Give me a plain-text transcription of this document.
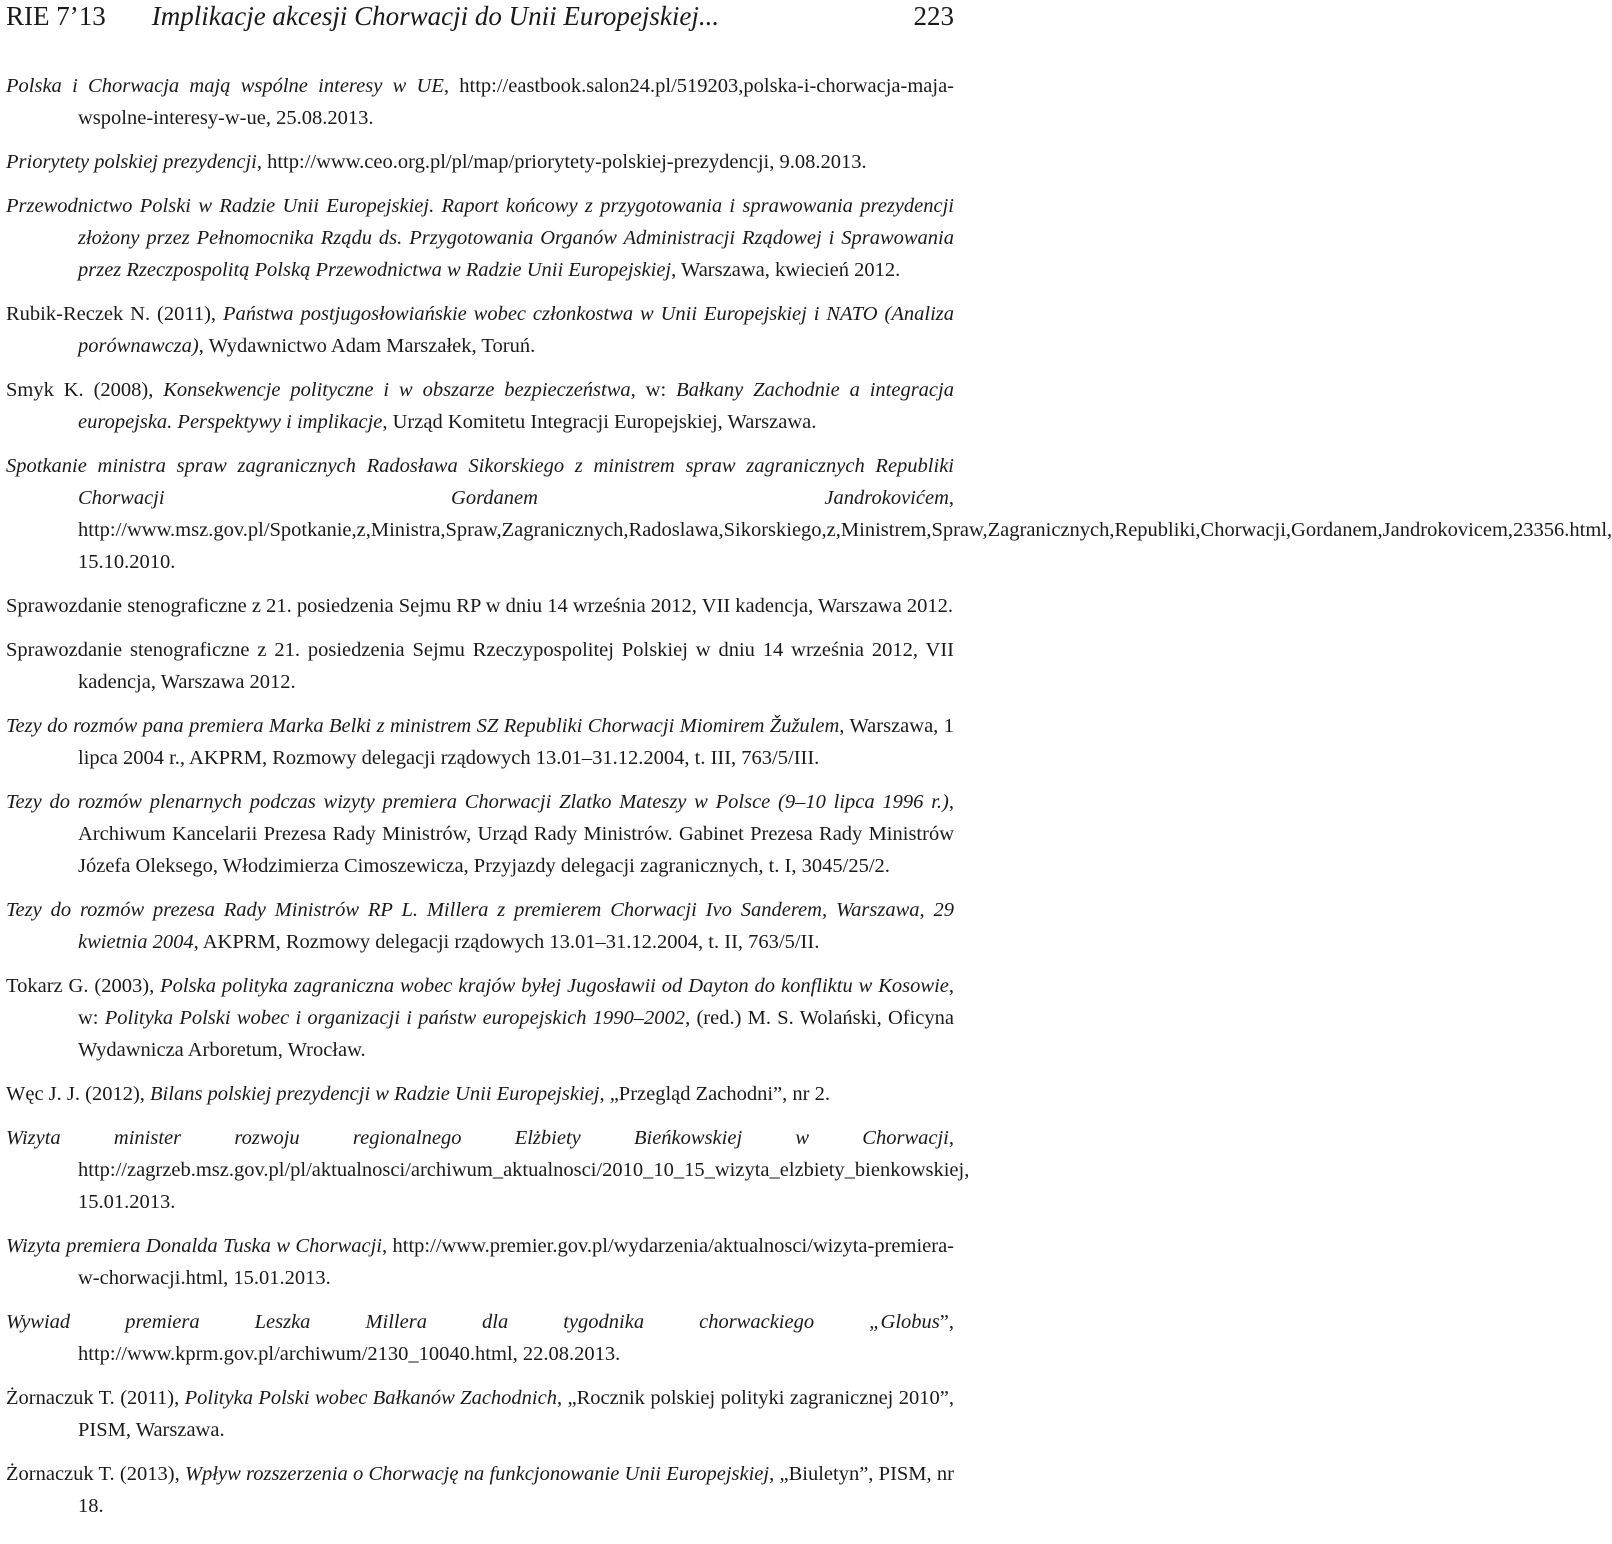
RIE 7’13	Implikacje akcesji Chorwacji do Unii Europejskiej...	223
Polska i Chorwacja mają wspólne interesy w UE, http://eastbook.salon24.pl/519203,polska-i-chorwacja-maja-wspolne-interesy-w-ue, 25.08.2013.
Priorytety polskiej prezydencji, http://www.ceo.org.pl/pl/map/priorytety-polskiej-prezydencji, 9.08.2013.
Przewodnictwo Polski w Radzie Unii Europejskiej. Raport końcowy z przygotowania i sprawowania prezydencji złożony przez Pełnomocnika Rządu ds. Przygotowania Organów Administracji Rządowej i Sprawowania przez Rzeczpospolitą Polską Przewodnictwa w Radzie Unii Europejskiej, Warszawa, kwiecień 2012.
Rubik-Reczek N. (2011), Państwa postjugosłowiańskie wobec członkostwa w Unii Europejskiej i NATO (Analiza porównawcza), Wydawnictwo Adam Marszałek, Toruń.
Smyk K. (2008), Konsekwencje polityczne i w obszarze bezpieczeństwa, w: Bałkany Zachodnie a integracja europejska. Perspektywy i implikacje, Urząd Komitetu Integracji Europejskiej, Warszawa.
Spotkanie ministra spraw zagranicznych Radosława Sikorskiego z ministrem spraw zagranicznych Republiki Chorwacji Gordanem Jandrokovićem, http://www.msz.gov.pl/Spotkanie,z,Ministra,Spraw,Zagranicznych,Radoslawa,Sikorskiego,z,Ministrem,Spraw,Zagranicznych,Republiki,Chorwacji,Gordanem,Jandrokovicem,23356.html, 15.10.2010.
Sprawozdanie stenograficzne z 21. posiedzenia Sejmu RP w dniu 14 września 2012, VII kadencja, Warszawa 2012.
Sprawozdanie stenograficzne z 21. posiedzenia Sejmu Rzeczypospolitej Polskiej w dniu 14 września 2012, VII kadencja, Warszawa 2012.
Tezy do rozmów pana premiera Marka Belki z ministrem SZ Republiki Chorwacji Miomirem Žužulem, Warszawa, 1 lipca 2004 r., AKPRM, Rozmowy delegacji rządowych 13.01–31.12.2004, t. III, 763/5/III.
Tezy do rozmów plenarnych podczas wizyty premiera Chorwacji Zlatko Mateszy w Polsce (9–10 lipca 1996 r.), Archiwum Kancelarii Prezesa Rady Ministrów, Urząd Rady Ministrów. Gabinet Prezesa Rady Ministrów Józefa Oleksego, Włodzimierza Cimoszewicza, Przyjazdy delegacji zagranicznych, t. I, 3045/25/2.
Tezy do rozmów prezesa Rady Ministrów RP L. Millera z premierem Chorwacji Ivo Sanderem, Warszawa, 29 kwietnia 2004, AKPRM, Rozmowy delegacji rządowych 13.01–31.12.2004, t. II, 763/5/II.
Tokarz G. (2003), Polska polityka zagraniczna wobec krajów byłej Jugosławii od Dayton do konfliktu w Kosowie, w: Polityka Polski wobec i organizacji i państw europejskich 1990–2002, (red.) M. S. Wolański, Oficyna Wydawnicza Arboretum, Wrocław.
Węc J. J. (2012), Bilans polskiej prezydencji w Radzie Unii Europejskiej, „Przegląd Zachodni”, nr 2.
Wizyta minister rozwoju regionalnego Elżbiety Bieńkowskiej w Chorwacji, http://zagrzeb.msz.gov.pl/pl/aktualnosci/archiwum_aktualnosci/2010_10_15_wizyta_elzbiety_bienkowskiej, 15.01.2013.
Wizyta premiera Donalda Tuska w Chorwacji, http://www.premier.gov.pl/wydarzenia/aktualnosci/wizyta-premiera-w-chorwacji.html, 15.01.2013.
Wywiad premiera Leszka Millera dla tygodnika chorwackiego „Globus”, http://www.kprm.gov.pl/archiwum/2130_10040.html, 22.08.2013.
Żornaczuk T. (2011), Polityka Polski wobec Bałkanów Zachodnich, „Rocznik polskiej polityki zagranicznej 2010”, PISM, Warszawa.
Żornaczuk T. (2013), Wpływ rozszerzenia o Chorwację na funkcjonowanie Unii Europejskiej, „Biuletyn”, PISM, nr 18.
